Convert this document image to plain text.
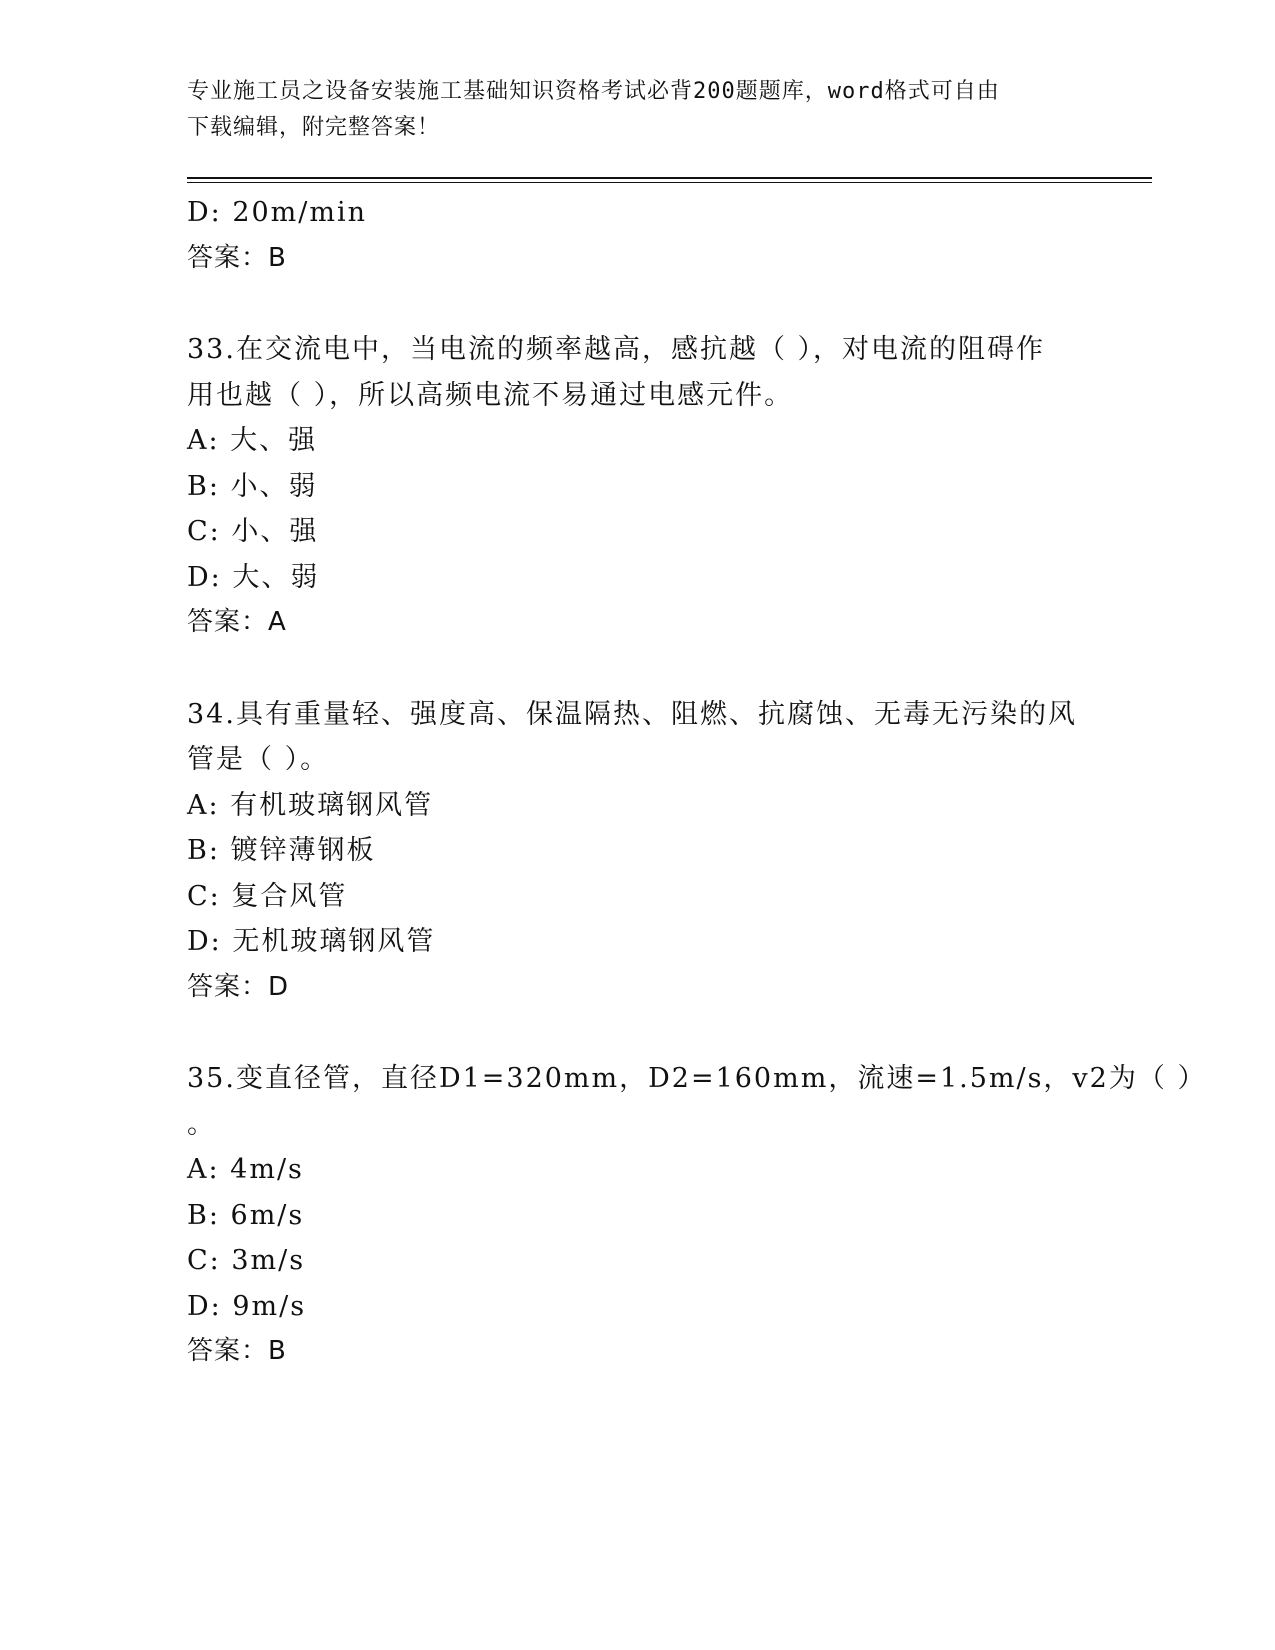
专业施工员之设备安装施工基础知识资格考试必背200题题库，word格式可自由
下载编辑，附完整答案！
D: 20m/min
答案：B
33.在交流电中，当电流的频率越高，感抗越（ ），对电流的阻碍作
用也越（ ），所以高频电流不易通过电感元件。
A: 大、强
B: 小、弱
C: 小、强
D: 大、弱
答案：A
34.具有重量轻、强度高、保温隔热、阻燃、抗腐蚀、无毒无污染的风
管是（ ）。
A: 有机玻璃钢风管
B: 镀锌薄钢板
C: 复合风管
D: 无机玻璃钢风管
答案：D
35.变直径管，直径D1=320mm，D2=160mm，流速=1.5m/s，v2为（ ）
。
A: 4m/s
B: 6m/s
C: 3m/s
D: 9m/s
答案：B
